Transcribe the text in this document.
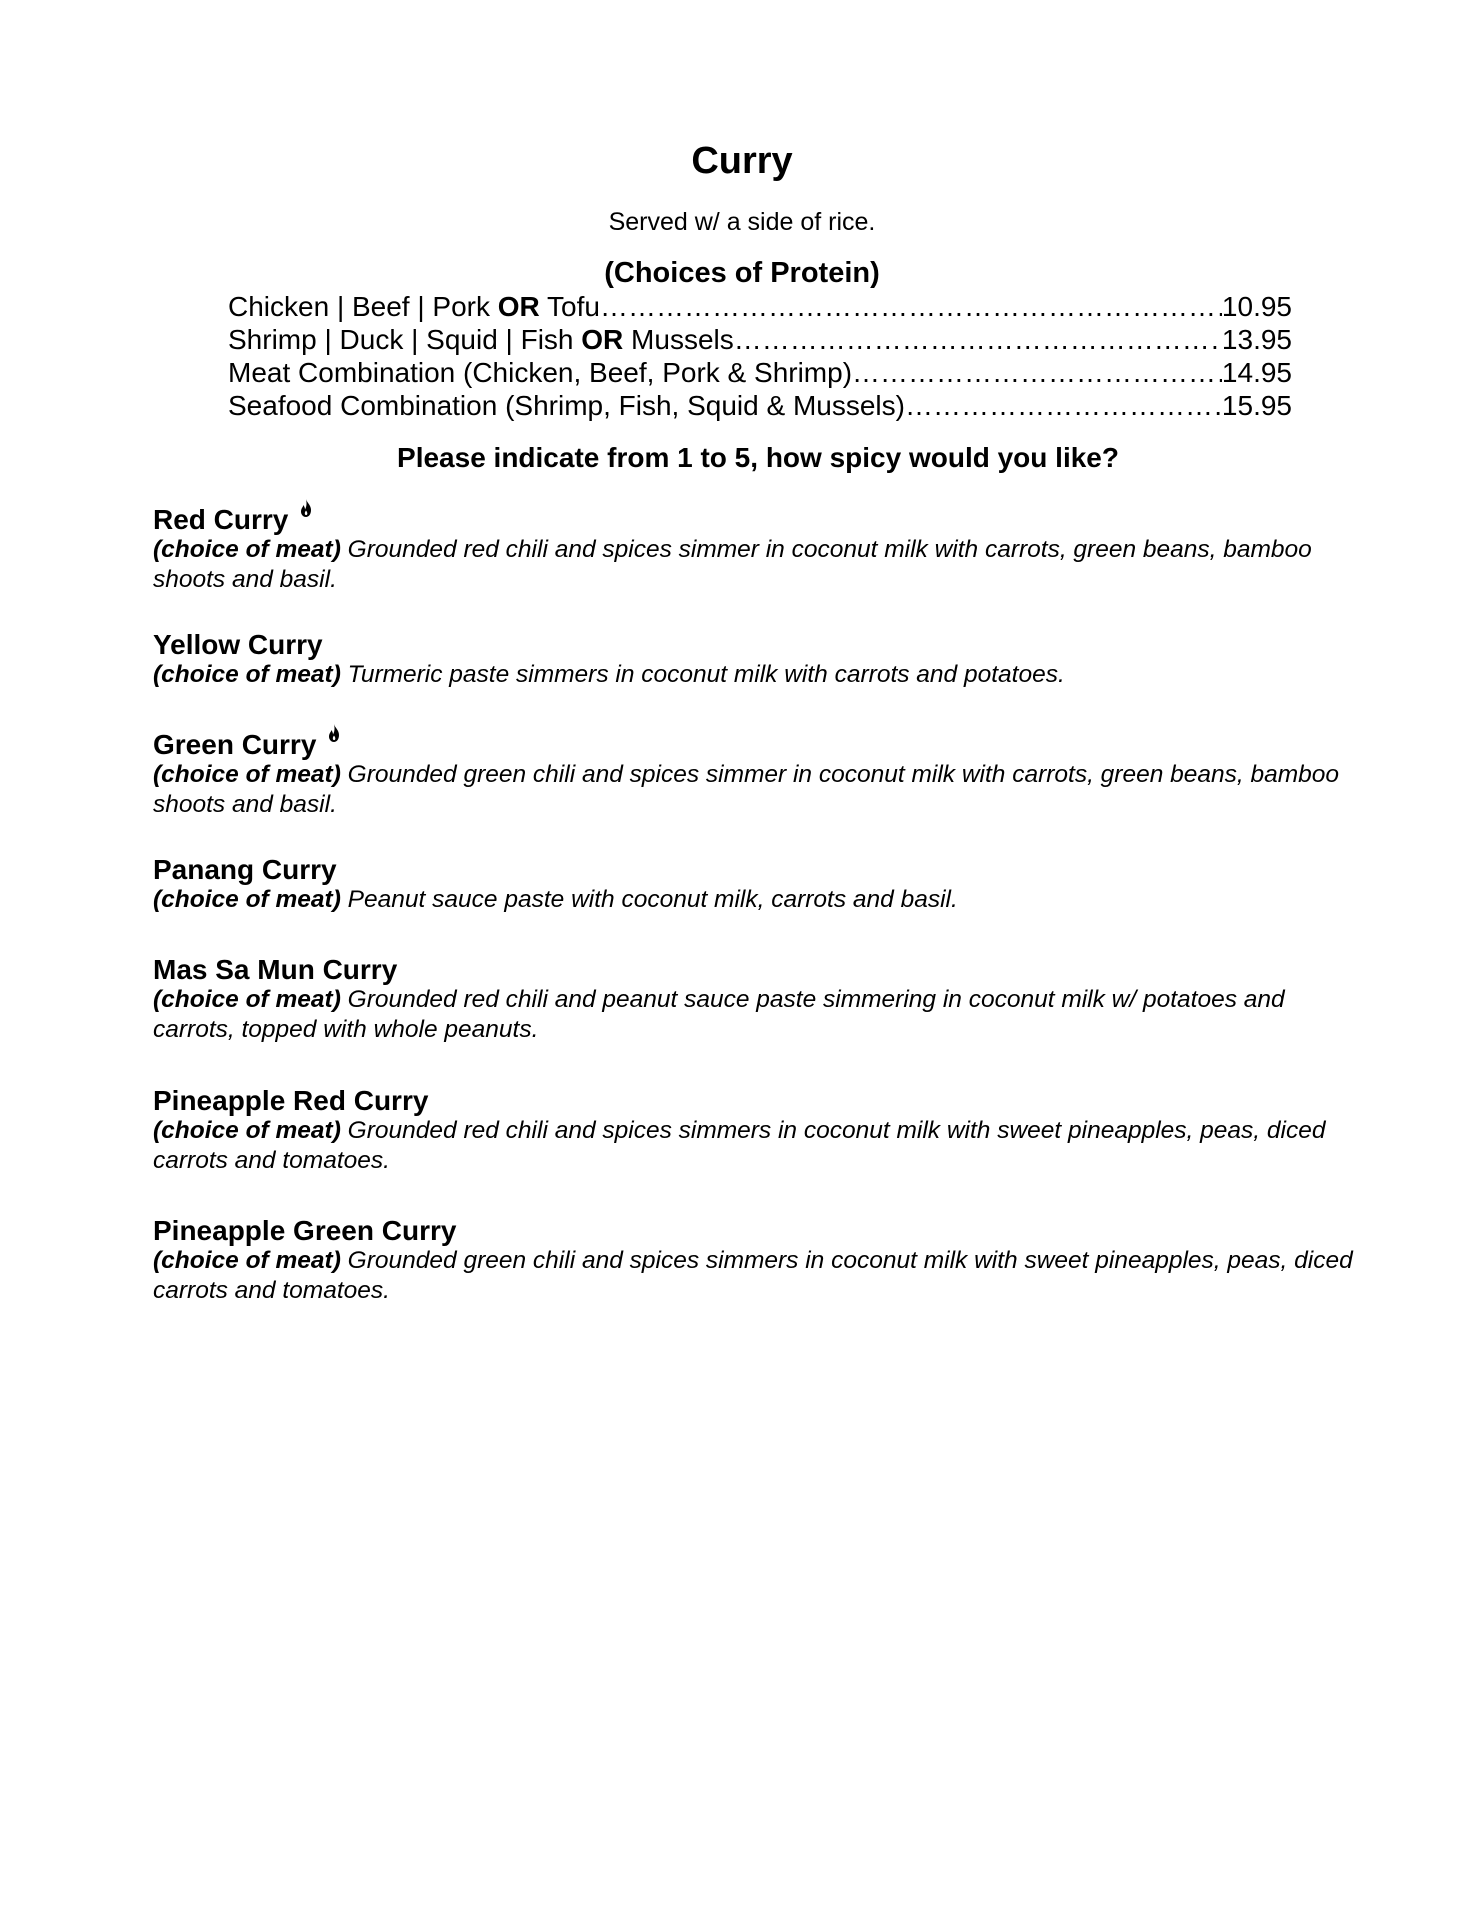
Curry
Served w/ a side of rice.
(Choices of Protein)
Chicken | Beef | Pork OR Tofu …………………………………………………………………………………………………………	10.95
Shrimp | Duck | Squid | Fish OR Mussels …………………………………………………………………………………………………………	13.95
Meat Combination (Chicken, Beef, Pork & Shrimp) …………………………………………………………………………………………………………	14.95
Seafood Combination (Shrimp, Fish, Squid & Mussels) …………………………………………………………………………………………………………	15.95
Please indicate from 1 to 5, how spicy would you like?
Red Curry
(choice of meat) Grounded red chili and spices simmer in coconut milk with carrots, green beans, bamboo shoots and basil.
Yellow Curry
(choice of meat) Turmeric paste simmers in coconut milk with carrots and potatoes.
Green Curry
(choice of meat) Grounded green chili and spices simmer in coconut milk with carrots, green beans, bamboo shoots and basil.
Panang Curry
(choice of meat) Peanut sauce paste with coconut milk, carrots and basil.
Mas Sa Mun Curry
(choice of meat) Grounded red chili and peanut sauce paste simmering in coconut milk w/ potatoes and carrots, topped with whole peanuts.
Pineapple Red Curry
(choice of meat) Grounded red chili and spices simmers in coconut milk with sweet pineapples, peas, diced carrots and tomatoes.
Pineapple Green Curry
(choice of meat) Grounded green chili and spices simmers in coconut milk with sweet pineapples, peas, diced carrots and tomatoes.
